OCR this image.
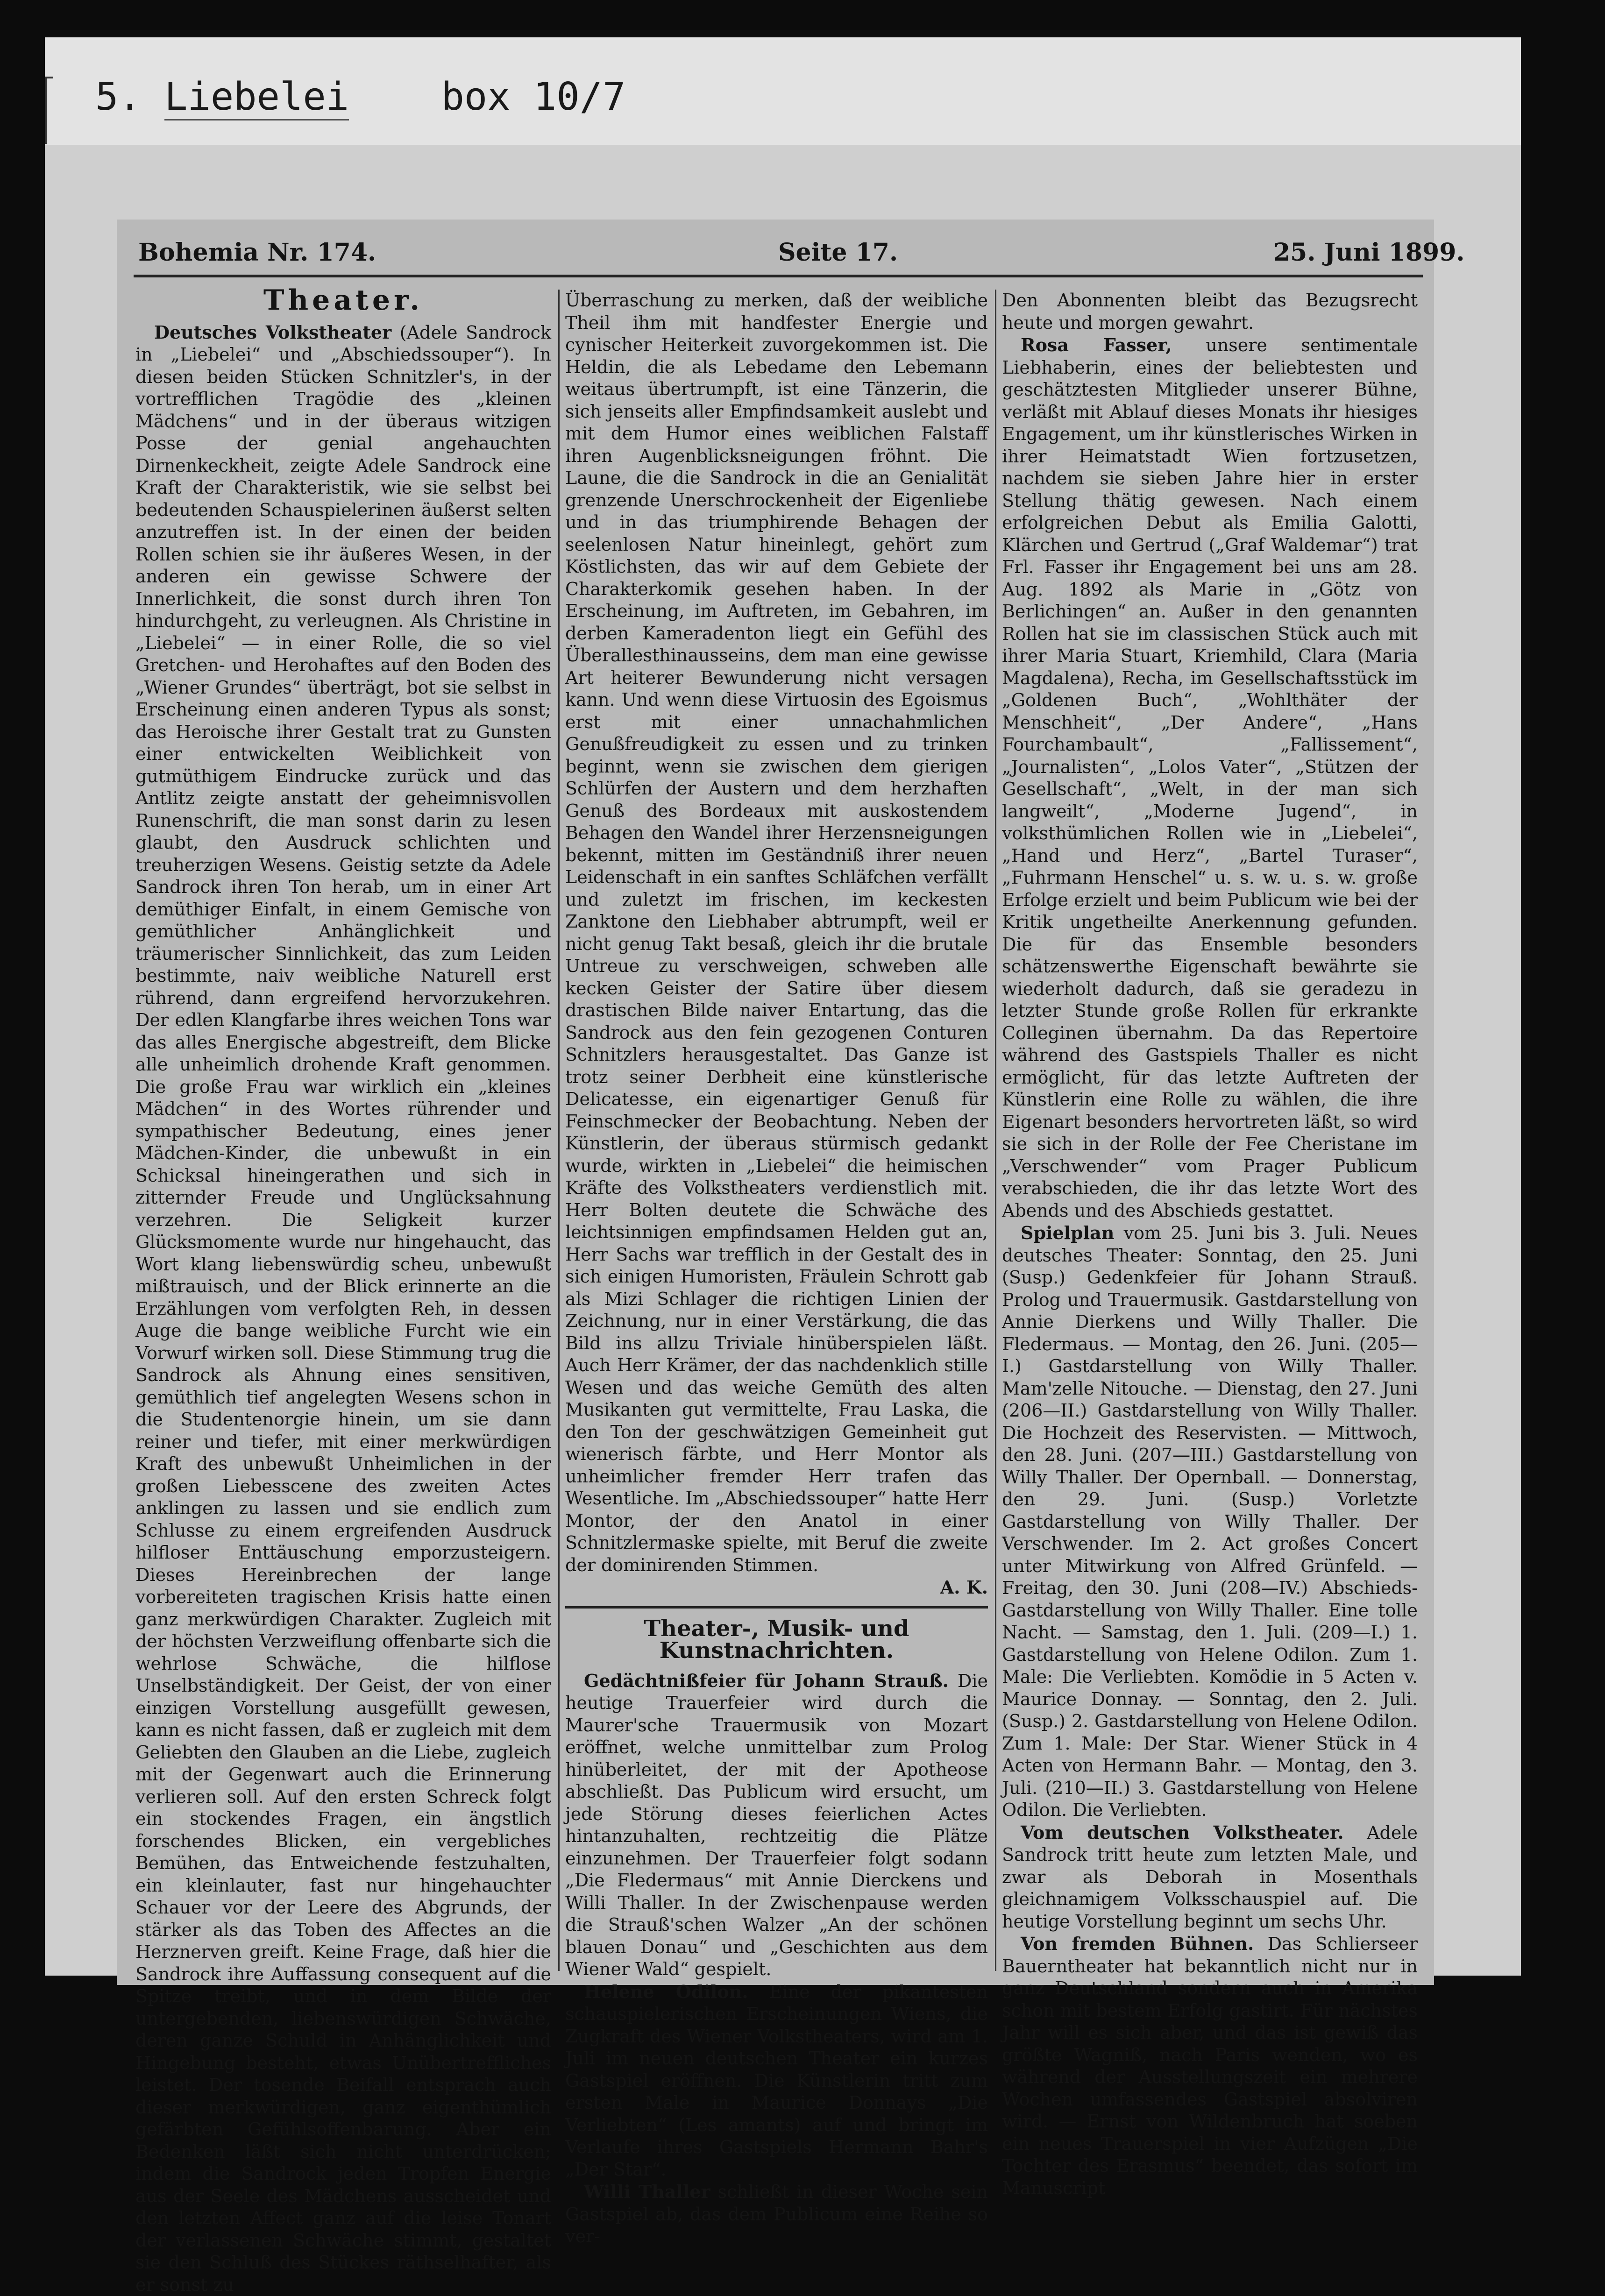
5. Liebelei box 10/7
Bohemia Nr. 174.	Seite 17.	25. Juni 1899.
Theater.

Deutsches Volkstheater (Adele Sandrock in „Liebelei“ und „Abschiedssouper“). In diesen beiden Stücken Schnitzler's, in der vortrefflichen Tragödie des „kleinen Mädchens“ und in der überaus witzigen Posse der genial angehauchten Dirnenkeckheit, zeigte Adele Sandrock eine Kraft der Charakteristik, wie sie selbst bei bedeutenden Schauspielerinen äußerst selten anzutreffen ist. In der einen der beiden Rollen schien sie ihr äußeres Wesen, in der anderen ein gewisse Schwere der Innerlichkeit, die sonst durch ihren Ton hindurchgeht, zu verleugnen. Als Christine in „Liebelei“ — in einer Rolle, die so viel Gretchen- und Herohaftes auf den Boden des „Wiener Grundes“ überträgt, bot sie selbst in Erscheinung einen anderen Typus als sonst; das Heroische ihrer Gestalt trat zu Gunsten einer entwickelten Weiblichkeit von gutmüthigem Eindrucke zurück und das Antlitz zeigte anstatt der geheimnisvollen Runenschrift, die man sonst darin zu lesen glaubt, den Ausdruck schlichten und treuherzigen Wesens. Geistig setzte da Adele Sandrock ihren Ton herab, um in einer Art demüthiger Einfalt, in einem Gemische von gemüthlicher Anhänglichkeit und träumerischer Sinnlichkeit, das zum Leiden bestimmte, naiv weibliche Naturell erst rührend, dann ergreifend hervorzukehren. Der edlen Klangfarbe ihres weichen Tons war das alles Energische abgestreift, dem Blicke alle unheimlich drohende Kraft genommen. Die große Frau war wirklich ein „kleines Mädchen“ in des Wortes rührender und sympathischer Bedeutung, eines jener Mädchen-Kinder, die unbewußt in ein Schicksal hineingerathen und sich in zitternder Freude und Unglücksahnung verzehren. Die Seligkeit kurzer Glücksmomente wurde nur hingehaucht, das Wort klang liebenswürdig scheu, unbewußt mißtrauisch, und der Blick erinnerte an die Erzählungen vom verfolgten Reh, in dessen Auge die bange weibliche Furcht wie ein Vorwurf wirken soll. Diese Stimmung trug die Sandrock als Ahnung eines sensitiven, gemüthlich tief angelegten Wesens schon in die Studentenorgie hinein, um sie dann reiner und tiefer, mit einer merkwürdigen Kraft des unbewußt Unheimlichen in der großen Liebesscene des zweiten Actes anklingen zu lassen und sie endlich zum Schlusse zu einem ergreifenden Ausdruck hilfloser Enttäuschung emporzusteigern. Dieses Hereinbrechen der lange vorbereiteten tragischen Krisis hatte einen ganz merkwürdigen Charakter. Zugleich mit der höchsten Verzweiflung offenbarte sich die wehrlose Schwäche, die hilflose Unselbständigkeit. Der Geist, der von einer einzigen Vorstellung ausgefüllt gewesen, kann es nicht fassen, daß er zugleich mit dem Geliebten den Glauben an die Liebe, zugleich mit der Gegenwart auch die Erinnerung verlieren soll. Auf den ersten Schreck folgt ein stockendes Fragen, ein ängstlich forschendes Blicken, ein vergebliches Bemühen, das Entweichende festzuhalten, ein kleinlauter, fast nur hingehauchter Schauer vor der Leere des Abgrunds, der stärker als das Toben des Affectes an die Herznerven greift. Keine Frage, daß hier die Sandrock ihre Auffassung consequent auf die Spitze treibt, und in dem Bilde der untergebenden, liebenswürdigen Schwäche, deren ganze Schuld in Anhänglichkeit und Hingebung besteht, etwas Unübertreffliches leistet. Der tosende Beifall entsprach auch dieser merkwürdigen, ganz eigenthümlich gefärbten Gefühlsoffenbarung. Aber ein Bedenken läßt sich nicht unterdrücken; indem die Sandrock jeden Tropfen Energie aus der Seele des Mädchens ausscheidet und den letzten Affect ganz auf die leise Tonart der verlassenen Schwäche stimmt, gestaltet sie den Schluß des Stückes räthselhafter, als er sonst zu

Überraschung zu merken, daß der weibliche Theil ihm mit handfester Energie und cynischer Heiterkeit zuvorgekommen ist. Die Heldin, die als Lebedame den Lebemann weitaus übertrumpft, ist eine Tänzerin, die sich jenseits aller Empfindsamkeit auslebt und mit dem Humor eines weiblichen Falstaff ihren Augenblicksneigungen fröhnt. Die Laune, die die Sandrock in die an Genialität grenzende Unerschrockenheit der Eigenliebe und in das triumphirende Behagen der seelenlosen Natur hineinlegt, gehört zum Köstlichsten, das wir auf dem Gebiete der Charakterkomik gesehen haben. In der Erscheinung, im Auftreten, im Gebahren, im derben Kameradenton liegt ein Gefühl des Überallesthinausseins, dem man eine gewisse Art heiterer Bewunderung nicht versagen kann. Und wenn diese Virtuosin des Egoismus erst mit einer unnachahmlichen Genußfreudigkeit zu essen und zu trinken beginnt, wenn sie zwischen dem gierigen Schlürfen der Austern und dem herzhaften Genuß des Bordeaux mit auskostendem Behagen den Wandel ihrer Herzensneigungen bekennt, mitten im Geständniß ihrer neuen Leidenschaft in ein sanftes Schläfchen verfällt und zuletzt im frischen, im keckesten Zanktone den Liebhaber abtrumpft, weil er nicht genug Takt besaß, gleich ihr die brutale Untreue zu verschweigen, schweben alle kecken Geister der Satire über diesem drastischen Bilde naiver Entartung, das die Sandrock aus den fein gezogenen Conturen Schnitzlers herausgestaltet. Das Ganze ist trotz seiner Derbheit eine künstlerische Delicatesse, ein eigenartiger Genuß für Feinschmecker der Beobachtung. Neben der Künstlerin, der überaus stürmisch gedankt wurde, wirkten in „Liebelei“ die heimischen Kräfte des Volkstheaters verdienstlich mit. Herr Bolten deutete die Schwäche des leichtsinnigen empfindsamen Helden gut an, Herr Sachs war trefflich in der Gestalt des in sich einigen Humoristen, Fräulein Schrott gab als Mizi Schlager die richtigen Linien der Zeichnung, nur in einer Verstärkung, die das Bild ins allzu Triviale hinüberspielen läßt. Auch Herr Krämer, der das nachdenklich stille Wesen und das weiche Gemüth des alten Musikanten gut vermittelte, Frau Laska, die den Ton der geschwätzigen Gemeinheit gut wienerisch färbte, und Herr Montor als unheimlicher fremder Herr trafen das Wesentliche. Im „Abschiedssouper“ hatte Herr Montor, der den Anatol in einer Schnitzlermaske spielte, mit Beruf die zweite der dominirenden Stimmen.

A. K.
Theater-, Musik- und Kunstnachrichten.

Gedächtnißfeier für Johann Strauß. Die heutige Trauerfeier wird durch die Maurer'sche Trauermusik von Mozart eröffnet, welche unmittelbar zum Prolog hinüberleitet, der mit der Apotheose abschließt. Das Publicum wird ersucht, um jede Störung dieses feierlichen Actes hintanzuhalten, rechtzeitig die Plätze einzunehmen. Der Trauerfeier folgt sodann „Die Fledermaus“ mit Annie Dierckens und Willi Thaller. In der Zwischenpause werden die Strauß'schen Walzer „An der schönen blauen Donau“ und „Geschichten aus dem Wiener Wald“ gespielt.

Helene Odilon. Eine der pikantesten schauspielerischen Erscheinungen Wiens, die Zugkraft des Wiener Volkstheaters, wird am 1. Juli im neuen deutschen Theater ein kurzes Gastspiel eröffnen. Die Künstlerin tritt zum ersten Male in Maurice Donnays „Die Verliebten“ (Les amants) auf und bringt im Verlaufe ihres Gastspiels Hermann Bahr's „Der Star“.

Willi Thaller schließt in dieser Woche sein Gastspiel ab, das dem Publicum eine Reihe so ver-

Den Abonnenten bleibt das Bezugsrecht heute und morgen gewahrt.

Rosa Fasser, unsere sentimentale Liebhaberin, eines der beliebtesten und geschätztesten Mitglieder unserer Bühne, verläßt mit Ablauf dieses Monats ihr hiesiges Engagement, um ihr künstlerisches Wirken in ihrer Heimatstadt Wien fortzusetzen, nachdem sie sieben Jahre hier in erster Stellung thätig gewesen. Nach einem erfolgreichen Debut als Emilia Galotti, Klärchen und Gertrud („Graf Waldemar“) trat Frl. Fasser ihr Engagement bei uns am 28. Aug. 1892 als Marie in „Götz von Berlichingen“ an. Außer in den genannten Rollen hat sie im classischen Stück auch mit ihrer Maria Stuart, Kriemhild, Clara (Maria Magdalena), Recha, im Gesellschaftsstück im „Goldenen Buch“, „Wohlthäter der Menschheit“, „Der Andere“, „Hans Fourchambault“, „Fallissement“, „Journalisten“, „Lolos Vater“, „Stützen der Gesellschaft“, „Welt, in der man sich langweilt“, „Moderne Jugend“, in volksthümlichen Rollen wie in „Liebelei“, „Hand und Herz“, „Bartel Turaser“, „Fuhrmann Henschel“ u. s. w. u. s. w. große Erfolge erzielt und beim Publicum wie bei der Kritik ungetheilte Anerkennung gefunden. Die für das Ensemble besonders schätzenswerthe Eigenschaft bewährte sie wiederholt dadurch, daß sie geradezu in letzter Stunde große Rollen für erkrankte Colleginen übernahm. Da das Repertoire während des Gastspiels Thaller es nicht ermöglicht, für das letzte Auftreten der Künstlerin eine Rolle zu wählen, die ihre Eigenart besonders hervortreten läßt, so wird sie sich in der Rolle der Fee Cheristane im „Verschwender“ vom Prager Publicum verabschieden, die ihr das letzte Wort des Abends und des Abschieds gestattet.

Spielplan vom 25. Juni bis 3. Juli. Neues deutsches Theater: Sonntag, den 25. Juni (Susp.) Gedenkfeier für Johann Strauß. Prolog und Trauermusik. Gastdarstellung von Annie Dierkens und Willy Thaller. Die Fledermaus. — Montag, den 26. Juni. (205—I.) Gastdarstellung von Willy Thaller. Mam'zelle Nitouche. — Dienstag, den 27. Juni (206—II.) Gastdarstellung von Willy Thaller. Die Hochzeit des Reservisten. — Mittwoch, den 28. Juni. (207—III.) Gastdarstellung von Willy Thaller. Der Opernball. — Donnerstag, den 29. Juni. (Susp.) Vorletzte Gastdarstellung von Willy Thaller. Der Verschwender. Im 2. Act großes Concert unter Mitwirkung von Alfred Grünfeld. — Freitag, den 30. Juni (208—IV.) Abschieds-Gastdarstellung von Willy Thaller. Eine tolle Nacht. — Samstag, den 1. Juli. (209—I.) 1. Gastdarstellung von Helene Odilon. Zum 1. Male: Die Verliebten. Komödie in 5 Acten v. Maurice Donnay. — Sonntag, den 2. Juli. (Susp.) 2. Gastdarstellung von Helene Odilon. Zum 1. Male: Der Star. Wiener Stück in 4 Acten von Hermann Bahr. — Montag, den 3. Juli. (210—II.) 3. Gastdarstellung von Helene Odilon. Die Verliebten.

Vom deutschen Volkstheater. Adele Sandrock tritt heute zum letzten Male, und zwar als Deborah in Mosenthals gleichnamigem Volksschauspiel auf. Die heutige Vorstellung beginnt um sechs Uhr.

Von fremden Bühnen. Das Schlierseer Bauerntheater hat bekanntlich nicht nur in ganz Deutschland sondern auch in Amerika schon mit bestem Erfolg gastirt. Für nächstes Jahr will es sich aber, und das ist gewiß das größte Wagniß, nach Paris wenden, wo es während der Ausstellungszeit ein mehrere Wochen umfassendes Gastspiel absolviren wird. — Ernst von Wildenbruch hat soeben ein neues Trauerspiel in vier Aufzügen „Die Tochter des Erasmus“ beendet, das sofort im Manuscript
